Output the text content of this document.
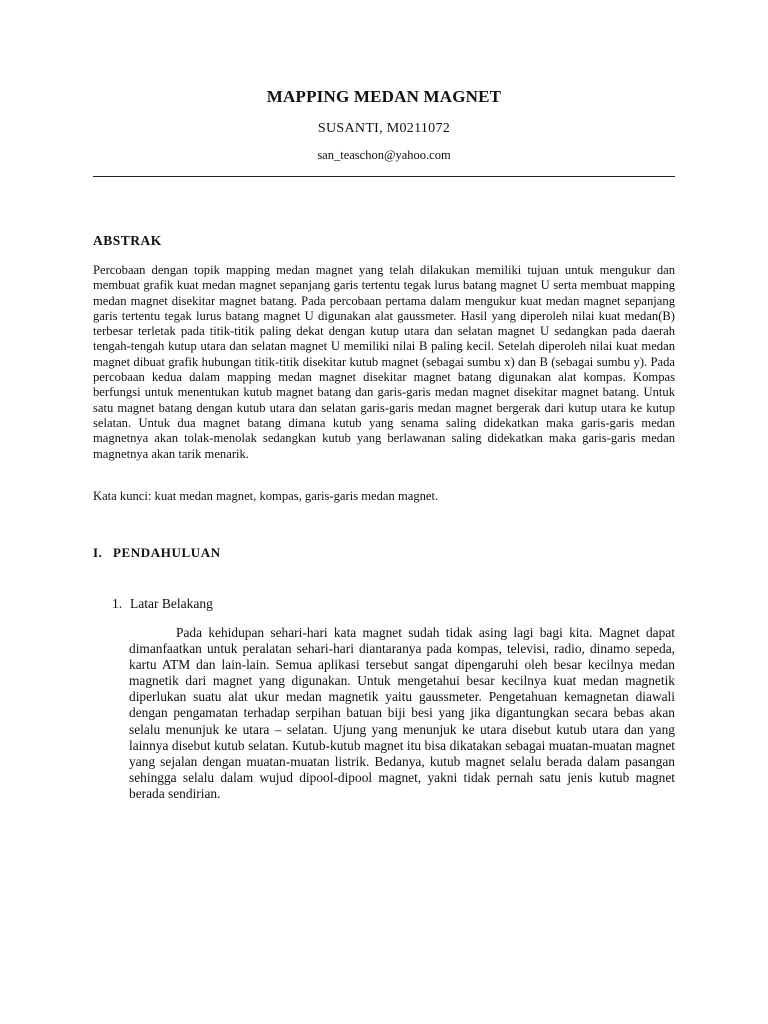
MAPPING MEDAN MAGNET
SUSANTI, M0211072
san_teaschon@yahoo.com
ABSTRAK

Percobaan dengan topik mapping medan magnet yang telah dilakukan memiliki tujuan untuk mengukur dan membuat grafik kuat medan magnet sepanjang garis tertentu tegak lurus batang magnet U serta membuat mapping medan magnet disekitar magnet batang. Pada percobaan pertama dalam mengukur kuat medan magnet sepanjang garis tertentu tegak lurus batang magnet U digunakan alat gaussmeter. Hasil yang diperoleh nilai kuat medan(B) terbesar terletak pada titik-titik paling dekat dengan kutup utara dan selatan magnet U sedangkan pada daerah tengah-tengah kutup utara dan selatan magnet U memiliki nilai B paling kecil. Setelah diperoleh nilai kuat medan magnet dibuat grafik hubungan titik-titik disekitar kutub magnet (sebagai sumbu x) dan B (sebagai sumbu y). Pada percobaan kedua dalam mapping medan magnet disekitar magnet batang digunakan alat kompas. Kompas berfungsi untuk menentukan kutub magnet batang dan garis-garis medan magnet disekitar magnet batang. Untuk satu magnet batang dengan kutub utara dan selatan garis-garis medan magnet bergerak dari kutup utara ke kutup selatan. Untuk dua magnet batang dimana kutub yang senama saling didekatkan maka garis-garis medan magnetnya akan tolak-menolak sedangkan kutub yang berlawanan saling didekatkan maka garis-garis medan magnetnya akan tarik menarik.

Kata kunci: kuat medan magnet, kompas, garis-garis medan magnet.

I. PENDAHULUAN
1. Latar Belakang

Pada kehidupan sehari-hari kata magnet sudah tidak asing lagi bagi kita. Magnet dapat dimanfaatkan untuk peralatan sehari-hari diantaranya pada kompas, televisi, radio, dinamo sepeda, kartu ATM dan lain-lain. Semua aplikasi tersebut sangat dipengaruhi oleh besar kecilnya medan magnetik dari magnet yang digunakan. Untuk mengetahui besar kecilnya kuat medan magnetik diperlukan suatu alat ukur medan magnetik yaitu gaussmeter. Pengetahuan kemagnetan diawali dengan pengamatan terhadap serpihan batuan biji besi yang jika digantungkan secara bebas akan selalu menunjuk ke utara – selatan. Ujung yang menunjuk ke utara disebut kutub utara dan yang lainnya disebut kutub selatan. Kutub-kutub magnet itu bisa dikatakan sebagai muatan-muatan magnet yang sejalan dengan muatan-muatan listrik. Bedanya, kutub magnet selalu berada dalam pasangan sehingga selalu dalam wujud dipool-dipool magnet, yakni tidak pernah satu jenis kutub magnet berada sendirian.
